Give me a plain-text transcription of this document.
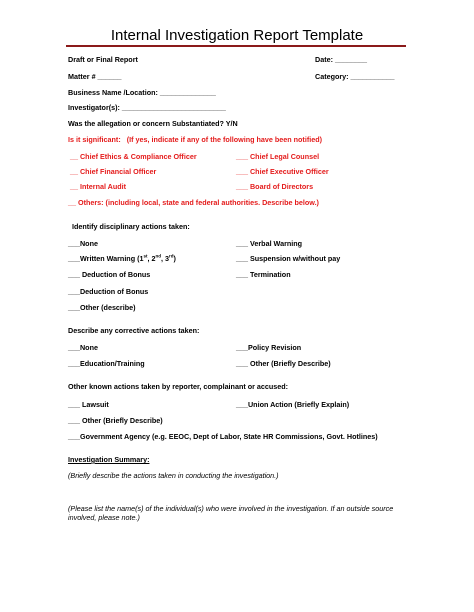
Internal Investigation Report Template
Draft or Final Report	Date: ________
Matter # ______	Category: ___________
Business Name /Location: ______________
Investigator(s): __________________________
Was the allegation or concern Substantiated? Y/N
Is it significant: (If yes, indicate if any of the following have been notified)
__ Chief Ethics & Compliance Officer	___ Chief Legal Counsel
__ Chief Financial Officer	___ Chief Executive Officer
__ Internal Audit	___ Board of Directors
__ Others: (including local, state and federal authorities. Describe below.)
Identify disciplinary actions taken:
___None	___ Verbal Warning
___Written Warning (1st, 2nd, 3rd)	___ Suspension w/without pay
___ Deduction of Bonus	___ Termination
___Deduction of Bonus
___Other (describe)
Describe any corrective actions taken:
___None	___Policy Revision
___Education/Training	___ Other (Briefly Describe)
Other known actions taken by reporter, complainant or accused:
___ Lawsuit	___Union Action (Briefly Explain)
___ Other (Briefly Describe)
___Government Agency (e.g. EEOC, Dept of Labor, State HR Commissions, Govt. Hotlines)
Investigation Summary:
(Briefly describe the actions taken in conducting the investigation.)
(Please list the name(s) of the individual(s) who were involved in the investigation. If an outside source
involved, please note.)
